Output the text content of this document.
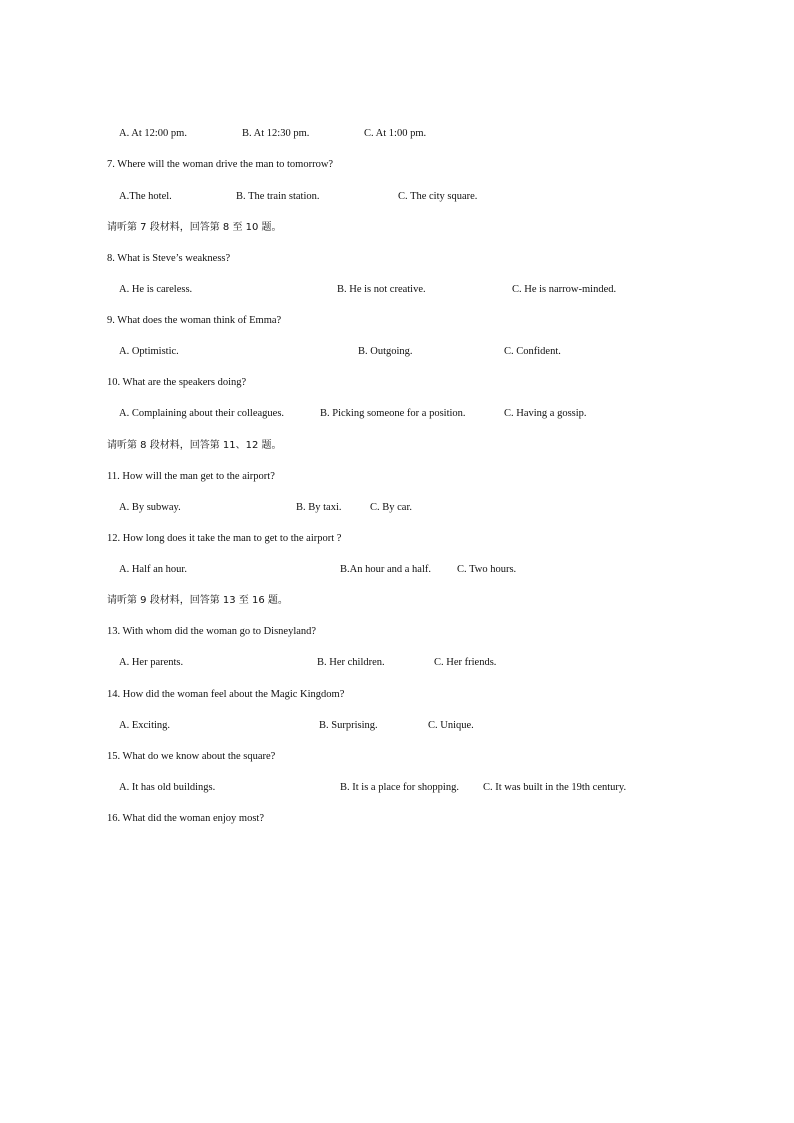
A. At 12:00 pm.	B. At 12:30 pm.	C. At 1:00 pm.
7. Where will the woman drive the man to tomorrow?
A.The hotel.	B. The train station.	C. The city square.
请听第 7 段材料，回答第 8 至 10 题。
8. What is Steve’s weakness?
A. He is careless.	B. He is not creative.	C. He is narrow-minded.
9. What does the woman think of Emma?
A. Optimistic.	B. Outgoing.	C. Confident.
10. What are the speakers doing?
A. Complaining about their colleagues.	B. Picking someone for a position.	C. Having a gossip.
请听第 8 段材料，回答第 11、12 题。
11. How will the man get to the airport?
A. By subway.	B. By taxi.	C. By car.
12. How long does it take the man to get to the airport ?
A. Half an hour.	B.An hour and a half. C. Two hours.
请听第 9 段材料，回答第 13 至 16 题。
13. With whom did the woman go to Disneyland?
A. Her parents.	B. Her children.	C. Her friends.
14. How did the woman feel about the Magic Kingdom?
A. Exciting.	B. Surprising.	C. Unique.
15. What do we know about the square?
A. It has old buildings.	B. It is a place for shopping. C. It was built in the 19th century.
16. What did the woman enjoy most?
